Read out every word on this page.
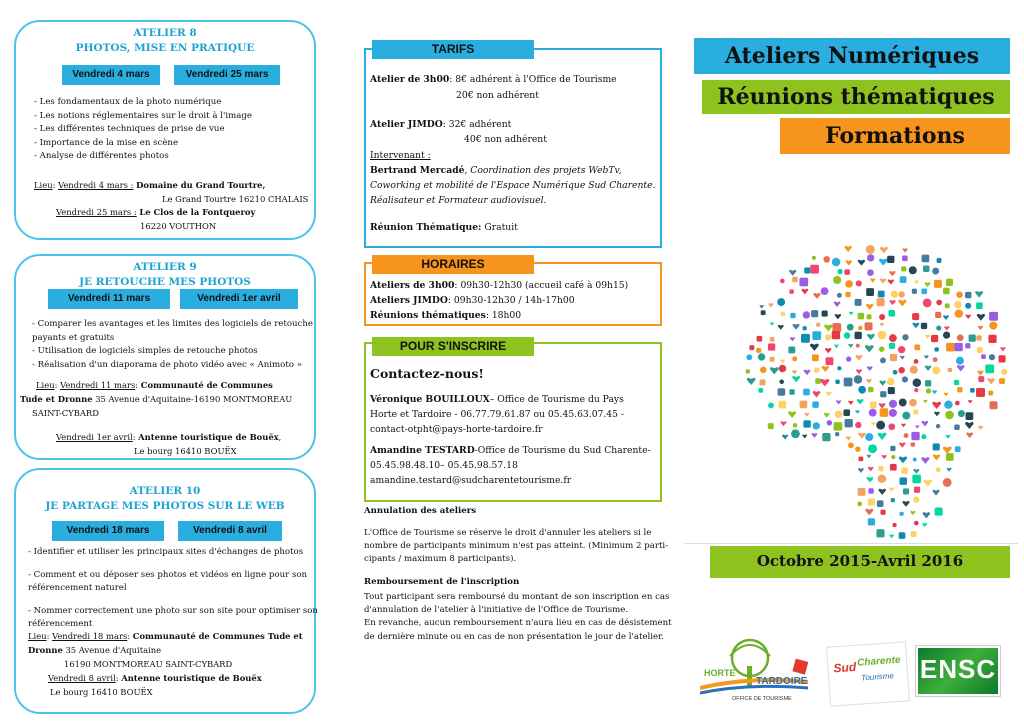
ATELIER 8
PHOTOS, MISE EN PRATIQUE
Vendredi 4 mars	Vendredi 25 mars
- Les fondamentaux de la photo numérique
- Les notions réglementaires sur le droit à l'image
- Les différentes techniques de prise de vue
- Importance de la mise en scène
- Analyse de différentes photos
Lieu: Vendredi 4 mars : Domaine du Grand Tourtre,
Le Grand Tourtre 16210 CHALAIS
Vendredi 25 mars : Le Clos de la Fontqueroy
16220 VOUTHON
ATELIER 9
JE RETOUCHE MES PHOTOS
Vendredi 11 mars	Vendredi 1er avril
- Comparer les avantages et les limites des logiciels de retouche
payants et gratuits
- Utilisation de logiciels simples de retouche photos
- Réalisation d'un diaporama de photo vidéo avec « Animoto »
Lieu: Vendredi 11 mars: Communauté de Communes
Tude et Dronne 35 Avenue d'Aquitaine-16190 MONTMOREAU
SAINT-CYBARD
Vendredi 1er avril: Antenne touristique de Bouëx,
Le bourg 16410 BOUËX
ATELIER 10
JE PARTAGE MES PHOTOS SUR LE WEB
Vendredi 18 mars	Vendredi 8 avril
- Identifier et utiliser les principaux sites d'échanges de photos
- Comment et ou déposer ses photos et vidéos en ligne pour son
référencement naturel
- Nommer correctement une photo sur son site pour optimiser son
référencement
Lieu: Vendredi 18 mars: Communauté de Communes Tude et
Dronne 35 Avenue d'Aquitaine
16190 MONTMOREAU SAINT-CYBARD
Vendredi 8 avril: Antenne touristique de Bouëx
Le bourg 16410 BOUËX
TARIFS
Atelier de 3h00: 8€ adhérent à l'Office de Tourisme
20€ non adhérent
Atelier JIMDO: 32€ adhérent
40€ non adhérent
Intervenant :
Bertrand Mercadé, Coordination des projets WebTv,
Coworking et mobilité de l'Espace Numérique Sud Charente.
Réalisateur et Formateur audiovisuel.
Réunion Thématique: Gratuit
HORAIRES
Ateliers de 3h00: 09h30-12h30 (accueil café à 09h15)
Ateliers JIMDO: 09h30-12h30 / 14h-17h00
Réunions thématiques: 18h00
POUR S'INSCRIRE
Contactez-nous!
Véronique BOUILLOUX– Office de Tourisme du Pays
Horte et Tardoire - 06.77.79.61.87 ou 05.45.63.07.45 -
contact-otpht@pays-horte-tardoire.fr
Amandine TESTARD-Office de Tourisme du Sud Charente-
05.45.98.48.10– 05.45.98.57.18
amandine.testard@sudcharentetourisme.fr
Annulation des ateliers
L'Office de Tourisme se réserve le droit d'annuler les ateliers si le
nombre de participants minimum n'est pas atteint. (Minimum 2 parti-
cipants / maximum 8 participants).
Remboursement de l'inscription
Tout participant sera remboursé du montant de son inscription en cas
d'annulation de l'atelier à l'initiative de l'Office de Tourisme.
En revanche, aucun remboursement n'aura lieu en cas de désistement
de dernière minute ou en cas de non présentation le jour de l'atelier.
Ateliers Numériques
Réunions thématiques
Formations
Octobre 2015-Avril 2016
HORTE
TARDOIRE
OFFICE DE TOURISME
Sud Charente
Tourisme ENSC
